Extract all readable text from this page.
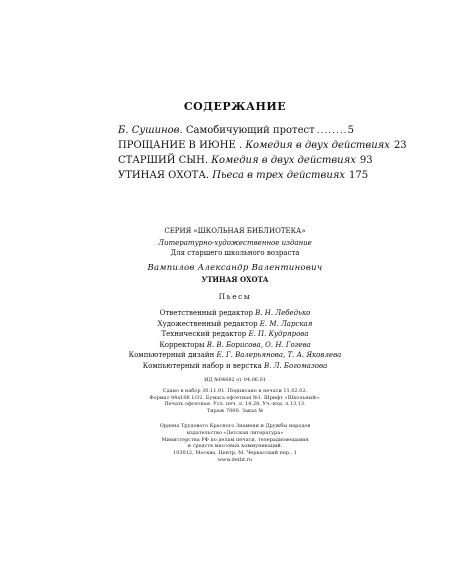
СОДЕРЖАНИЕ
Б. Сушинов. Самобичующий протест
.....	5
ПРОЩАНИЕ В ИЮНЕ . Комедия в двух действиях 23
СТАРШИЙ СЫН. Комедия в двух действиях 93
УТИНАЯ ОХОТА. Пьеса в трех действиях 175
СЕРИЯ «ШКОЛЬНАЯ БИБЛИОТЕКА»
Литературно-художественное издание
Для старшего школьного возраста
Вампилов Александр Валентинович
УТИНАЯ ОХОТА
Пьесы
Ответственный редактор В. Н. Лебедько
Художественный редактор Е. М. Ларская
Технический редактор Е. П. Кудрярова
Корректоры В. В. Борисова, О. Н. Гогева
Компьютерный дизайн Е. Г. Валерьянова, Т. А. Яковлева
Компьютерный набор и верстка В. Л. Богомазова
ИД №04882 от 04.06.01
Сдано в набор 30.11.01. Подписано к печати 11.02.02.
Формат 84x108 1/32. Бумага офсетная №1. Шрифт «Школьный».
Печать офсетная. Усл. печ. л. 14,28. Уч.-изд. л.13,13.
Тираж 7000. Заказ №
Ордена Трудового Красного Знамени и Дружбы народов
издательство «Детская литература»
Министерства РФ по делам печати, телерадиовещания
и средств массовых коммуникаций.
103012, Москва, Центр, М. Черкасский пер., 1
www.detlit.ru
